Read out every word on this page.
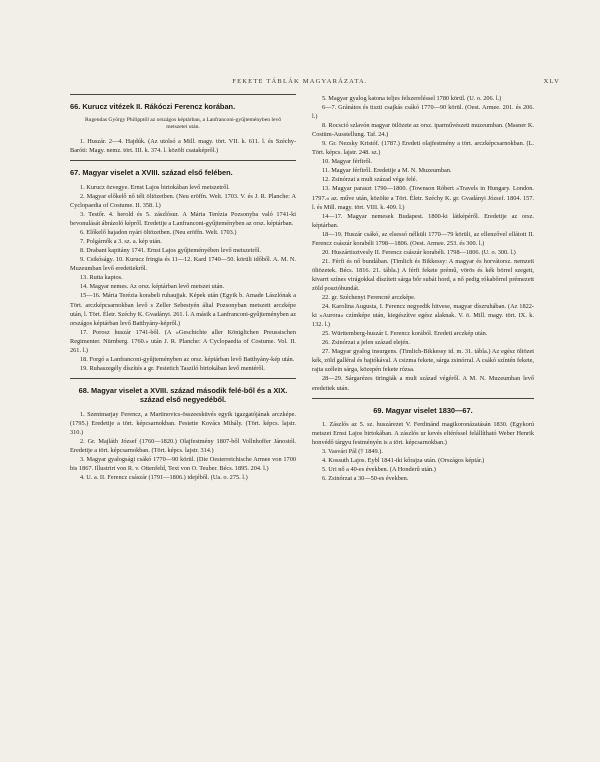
FEKETE TÁBLÁK MAGYARÁZATA.	XLV
66. Kurucz vitézek II. Rákóczi Ferencz korában.

Rugendas György Philipptől az országos képtárban, a Lanfranconi-gyűjteményben levő metszetei után.

1. Huszár. 2—4. Hajdúk. (Az utolsó a Mill. magy. tört. VII. k. 611. l. és Széchy-Baróti: Magy. nemz. tört. III. k. 374. l. közölt csataképről.)

67. Magyar viselet a XVIII. század első felében.

1. Kurucz özvegye. Ernst Lajos birtokában levő metszetről.

2. Magyar előkelő nő téli öltözetben. (Neu eröffn. Welt. 1703. V. és J. R. Planche: A Cyclopaedia of Costume. II. 358. l.)

3. Testőr. 4. herold és 5. zászlósur. A Mária Terézia Pozsonyba való 1741-ki bevonulását ábrázoló képről. Eredetije a Lanfranconi-gyűjteményben az orsz. képtárban.

6. Előkelő hajadon nyári öltözetben. (Neu eröffn. Welt. 1703.)

7. Polgárnők a 3. sz. a. kép után.

8. Drabant kapitány 1741. Ernst Lajos gyűjteményében levő metszetről.

9. Csikóságy. 10. Kurucz fringiа és 11—12. Kard 1740—50. körüli időből. A. M. N. Muzeumban levő eredetiekről.

13. Rutta kaptos.

14. Magyar nemes. Az orsz. képtárban levő metszet után.

15—16. Mária Terézia korabeli ruhaujjak. Képek után (Egyik b. Amade Lászlónak a Tört. arczképcsarnokban levő s Zeller Sebestyén által Pozsonyban metszett arczképe után, l. Tört. Életr. Széchy K. Gvadányi. 261. l. A másik a Lanfranconi-gyűjteményben az országos képtárban levő Batthyány-képről.)

17. Porosz huszár 1741-ből. (A »Geschichte aller Königlichen Preussischen Regimenter. Nürnberg. 1760.« után J. R. Planche: A Cyclopaedia of Costume. Vol. II. 261. l.)

18. Forgó a Lanfranconi-gyűjteményben az orsz. képtárban levő Batthyány-kép után.

19. Ruhaszegély díszítés a gr. Festetich Tasziló birtokában levő mentéről.

68. Magyar viselet a XVIII. század második felé-ből és a XIX. század első negyedéből.

1. Szentmarjay Ferencz, a Martinovics-összeesküvés egyik igazgatójának arczképe. (1795.) Eredetije a tört. képcsarnokban. Festette Kovács Mihály. (Tört. képcs. lajstr. 310.)

2. Gr. Majláth József (1760—1820.) Olajfestmény 1807-ből Vollnhoffer Jánostól. Eredetije a tört. képcsarnokban. (Tört. képcs. lajstr. 314.)

3. Magyar gyalogsági csákó 1770—90 körül. (Die Oesterreichische Armee von 1700 bis 1867. Illustrirt von R. v. Ottenfeld, Text von O. Teuber. Bécs. 1895. 204. l.)

4. U. a. II. Ferencz császár (1791—1806.) idejéből. (Ua. o. 275. l.)

5. Magyar gyalog katona teljes felszereléssel 1780 körül. (U. o. 206. l.)

6—7. Gránátos és tiszti csajkás csákó 1770—90 körül. (Oest. Armee. 201. és 206. l.)

8. Rocsció szlavón magyar ötlözete az orsz. iparművészeti muzeumban. (Masner K. Costüm-Ausstellung. Taf. 24.)

9. Gr. Nezsky Kristóf. (1787.) Eredeti olajfestmény a tört. arczképcsarnokban. (L. Tört. képcs. lajstr. 248. sz.)

10. Magyar férfiről.

11. Magyar férfiről. Eredetije a M. N. Muzeumban.

12. Zsinórzat a mult század vége felé.

13. Magyar paraszt 1790—1800. (Townson Róbert »Travels in Hungary. London. 1797.« az. műve után, közölte a Tört. Életr. Széchy K. gr. Gvadányi József. 1804. 157. l. és Mill. magy. tört. VIII. k. 409. l.)

14—17. Magyar nemesek Budapest. 1800-ki látképéről. Eredetije az orsz. képtárban.

18—19. Huszár csákó, az elsessó nélküli 1770—79 körüli, az ellenzővel ellátott II. Ferencz császár korabéli 1798—1806. (Oest. Armee. 253. és 300. l.)

20. Huszártisztvesly II. Ferencz császár korabéli. 1798—1806. (U. o. 300. l.)

21. Férfi és nő bundában. (Timlich és Bikkessy: A magyar és horvátorsz. nemzeti öltözetek. Bécs. 1816. 21. tábla.) A férfi fekete prémű, vörös és kék börrel szegett, kivarrt színes virágokkal díszített sárga bőr subát hord, a nő pedig rókabőrrel prémezett zöld posztóbundát.

22. gr. Széchenyi Ferencné arczképe.

24. Karolina Augusta, I. Ferencz negyedik hitvese, magyar díszruhában. (Az 1822-ki »Aurora« czímképe után, kiegészítve egész alaknak. V. ö. Mill. magy. tört. IX. k. 132. l.)

25. Württemberg-huszár I. Ferencz korából. Eredeti arczkép után.

26. Zsinórzat a jelen század elején.

27. Magyar gyalog insurgens. (Timlich-Bikkessy id. m. 31. tábla.) Az egész öltözet kék, zöld galléral és hajtókával. A csizma fekete, sárga zsinórral. A csákó színtén fekete, rajta szélein sárga, közepén fekete rózsa.

28—29. Sárgarézes tiringiák a mult század végéről. A M. N. Muzeumban levő eredetiek után.

69. Magyar viselet 1830—67.

1. Zászlós az 5. sz. huszárezet V. Ferdinánd magikoronázatásán 1830. (Egykorú metszet Ernst Lajos birtokában. A zászlós ur kevés eltéréssel felállítható Weber Henrik honvédő tárgyu festményén is a tört. képcsarnokban.)

3. Vasvári Pál († 1849.).

4. Kossuth Lajos. Eybl 1841-iki kőrajza után. (Országos képtár.)

5. Uri nő a 40-es években. (A Honderű után.)

6. Zsinórzat a 30—50-es években.
